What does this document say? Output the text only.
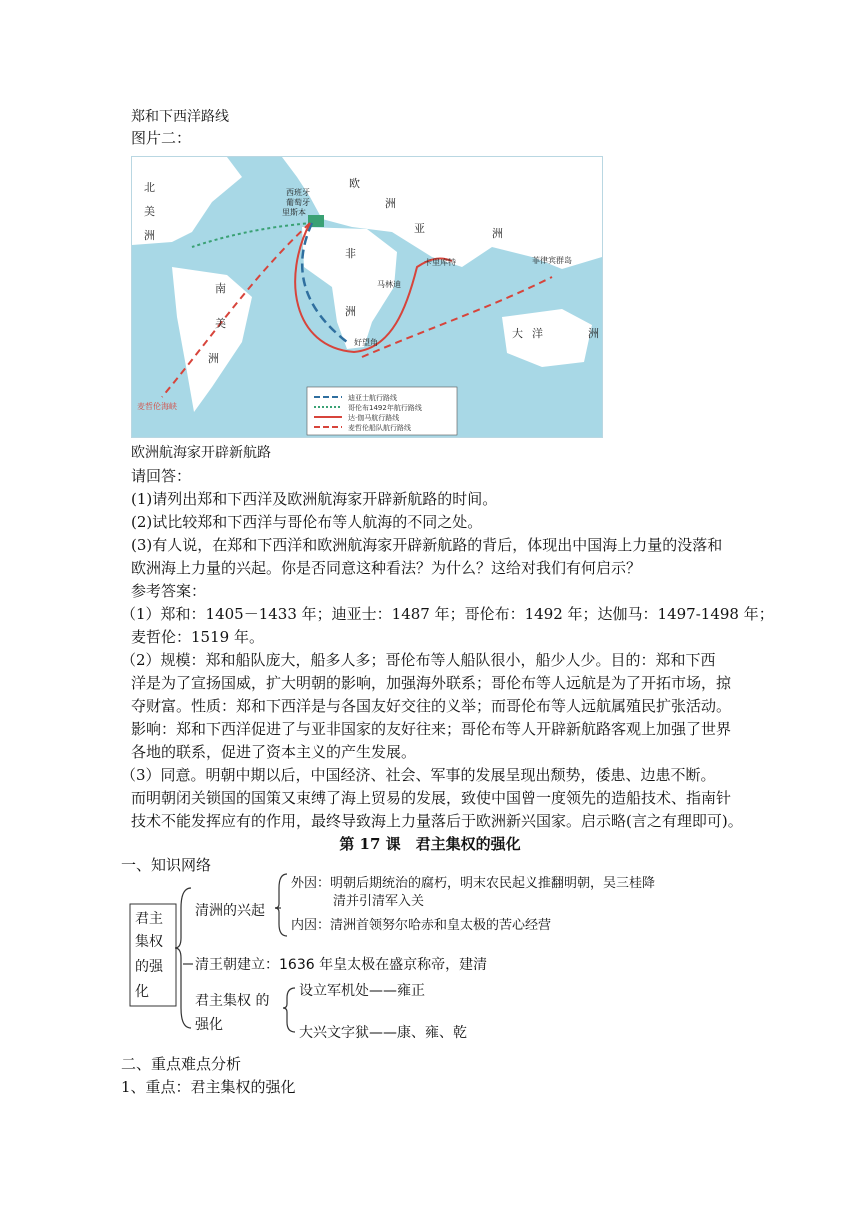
郑和下西洋路线
图片二：
迪亚士航行路线
哥伦布1492年航行路线
达·伽马航行路线
麦哲伦船队航行路线
北
美
洲
南
美
洲
欧
洲
亚	洲
非
洲
大 洋	洲
西班牙
葡萄牙
里斯本
卡里库特
马林迪
好望角
菲律宾群岛
麦哲伦海峡
欧洲航海家开辟新航路
请回答：
(1)请列出郑和下西洋及欧洲航海家开辟新航路的时间。
(2)试比较郑和下西洋与哥伦布等人航海的不同之处。
(3)有人说，在郑和下西洋和欧洲航海家开辟新航路的背后，体现出中国海上力量的没落和
欧洲海上力量的兴起。你是否同意这种看法？为什么？这给对我们有何启示？
参考答案：
（1）郑和：1405－1433 年；迪亚士：1487 年；哥伦布：1492 年；达伽马：1497-1498 年；
麦哲伦：1519 年。
（2）规模：郑和船队庞大，船多人多；哥伦布等人船队很小，船少人少。目的：郑和下西
洋是为了宣扬国威，扩大明朝的影响，加强海外联系；哥伦布等人远航是为了开拓市场，掠
夺财富。性质：郑和下西洋是与各国友好交往的义举；而哥伦布等人远航属殖民扩张活动。
影响：郑和下西洋促进了与亚非国家的友好往来；哥伦布等人开辟新航路客观上加强了世界
各地的联系，促进了资本主义的产生发展。
（3）同意。明朝中期以后，中国经济、社会、军事的发展呈现出颓势，倭患、边患不断。
而明朝闭关锁国的国策又束缚了海上贸易的发展，致使中国曾一度领先的造船技术、指南针
技术不能发挥应有的作用，最终导致海上力量落后于欧洲新兴国家。启示略(言之有理即可)。
第 17 课　君主集权的强化
一、知识网络
君主
集权
的强
化
清洲的兴起
外因：明朝后期统治的腐朽，明末农民起义推翻明朝，吴三桂降
清并引清军入关
内因：清洲首领努尔哈赤和皇太极的苦心经营
清王朝建立：1636 年皇太极在盛京称帝，建清
君主集权 的
强化
设立军机处——雍正
大兴文字狱——康、雍、乾
二、重点难点分析
1、重点：君主集权的强化
